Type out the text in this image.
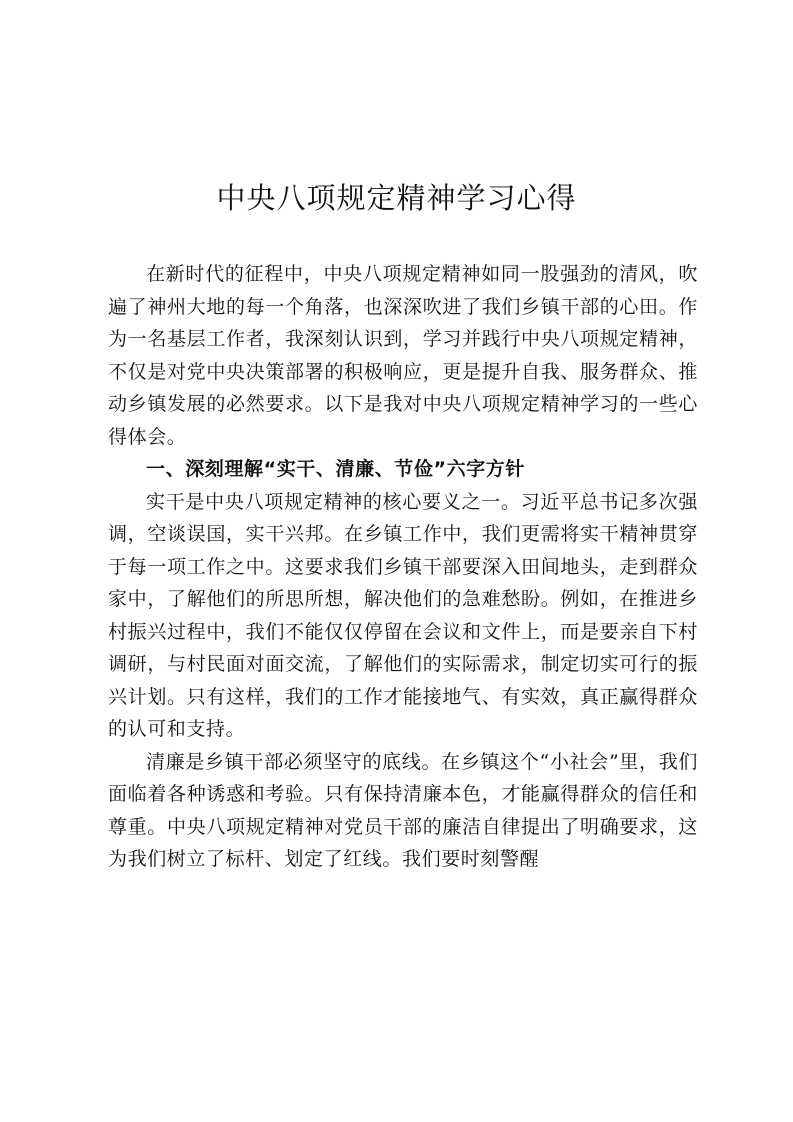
中央八项规定精神学习心得

在新时代的征程中，中央八项规定精神如同一股强劲的清风，吹遍了神州大地的每一个角落，也深深吹进了我们乡镇干部的心田。作为一名基层工作者，我深刻认识到，学习并践行中央八项规定精神，不仅是对党中央决策部署的积极响应，更是提升自我、服务群众、推动乡镇发展的必然要求。以下是我对中央八项规定精神学习的一些心得体会。

一、深刻理解“实干、清廉、节俭”六字方针

实干是中央八项规定精神的核心要义之一。习近平总书记多次强调，空谈误国，实干兴邦。在乡镇工作中，我们更需将实干精神贯穿于每一项工作之中。这要求我们乡镇干部要深入田间地头，走到群众家中，了解他们的所思所想，解决他们的急难愁盼。例如，在推进乡村振兴过程中，我们不能仅仅停留在会议和文件上，而是要亲自下村调研，与村民面对面交流，了解他们的实际需求，制定切实可行的振兴计划。只有这样，我们的工作才能接地气、有实效，真正赢得群众的认可和支持。

清廉是乡镇干部必须坚守的底线。在乡镇这个“小社会”里，我们面临着各种诱惑和考验。只有保持清廉本色，才能赢得群众的信任和尊重。中央八项规定精神对党员干部的廉洁自律提出了明确要求，这为我们树立了标杆、划定了红线。我们要时刻警醒
